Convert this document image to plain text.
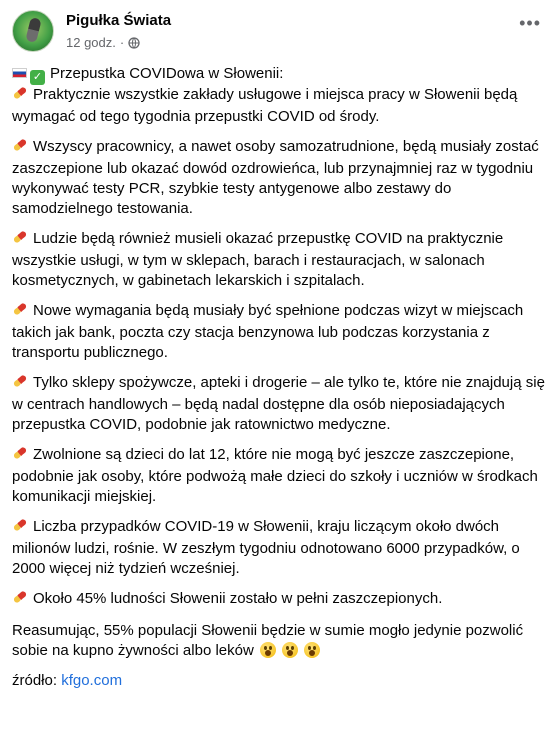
Pigułka Świata
12 godz. ·
•••

✓ Przepustka COVIDowa w Słowenii:

Praktycznie wszystkie zakłady usługowe i miejsca pracy w Słowenii będą wymagać od tego tygodnia przepustki COVID od środy.

Wszyscy pracownicy, a nawet osoby samozatrudnione, będą musiały zostać zaszczepione lub okazać dowód ozdrowieńca, lub przynajmniej raz w tygodniu wykonywać testy PCR, szybkie testy antygenowe albo zestawy do samodzielnego testowania.

Ludzie będą również musieli okazać przepustkę COVID na praktycznie wszystkie usługi, w tym w sklepach, barach i restauracjach, w salonach kosmetycznych, w gabinetach lekarskich i szpitalach.

Nowe wymagania będą musiały być spełnione podczas wizyt w miejscach takich jak bank, poczta czy stacja benzynowa lub podczas korzystania z transportu publicznego.

Tylko sklepy spożywcze, apteki i drogerie – ale tylko te, które nie znajdują się w centrach handlowych – będą nadal dostępne dla osób nieposiadających przepustka COVID, podobnie jak ratownictwo medyczne.

Zwolnione są dzieci do lat 12, które nie mogą być jeszcze zaszczepione, podobnie jak osoby, które podwożą małe dzieci do szkoły i uczniów w środkach komunikacji miejskiej.

Liczba przypadków COVID-19 w Słowenii, kraju liczącym około dwóch milionów ludzi, rośnie. W zeszłym tygodniu odnotowano 6000 przypadków, o 2000 więcej niż tydzień wcześniej.

Około 45% ludności Słowenii zostało w pełni zaszczepionych.

Reasumując, 55% populacji Słowenii będzie w sumie mogło jedynie pozwolić sobie na kupno żywności albo leków

źródło: kfgo.com
